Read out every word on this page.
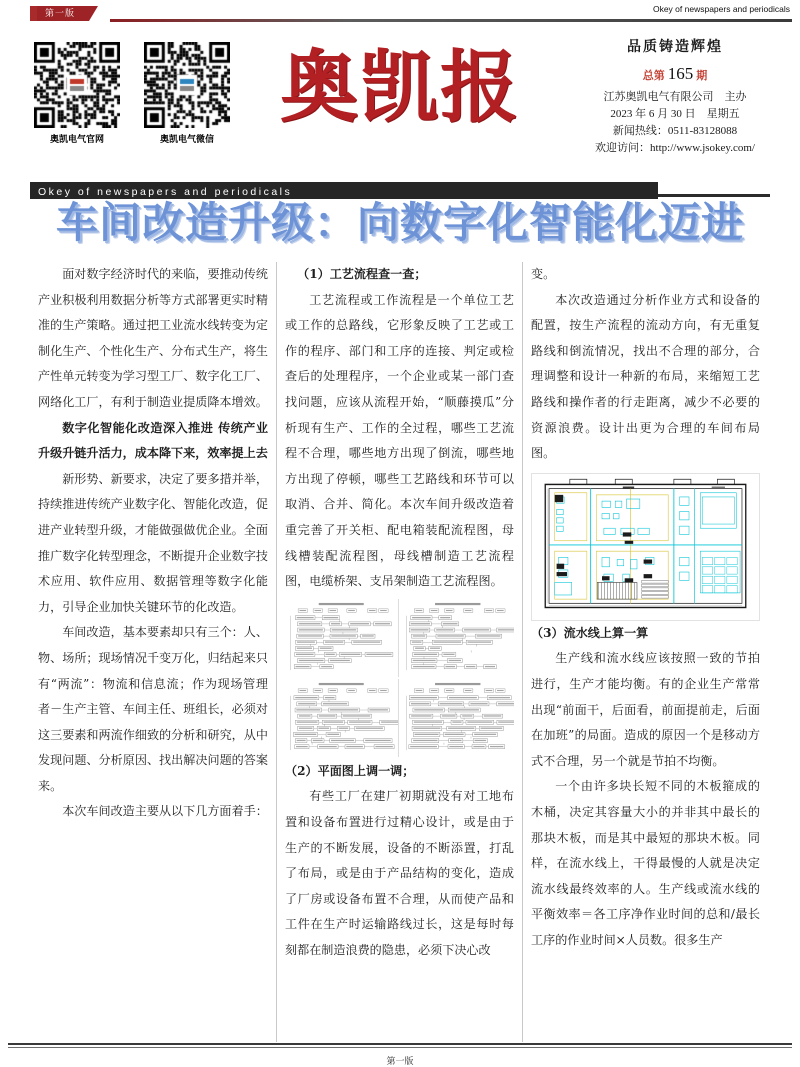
第一版	Okey of newspapers and periodicals
奥凯电气官网	奥凯电气微信
奥凯报	品质铸造辉煌
总第 165 期
江苏奥凯电气有限公司　主办
2023 年 6 月 30 日　星期五
新闻热线：0511-83128088
欢迎访问：http://www.jsokey.com/
Okey of newspapers and periodicals
车间改造升级：向数字化智能化迈进

面对数字经济时代的来临，要推动传统产业积极利用数据分析等方式部署更实时精准的生产策略。通过把工业流水线转变为定制化生产、个性化生产、分布式生产，将生产性单元转变为学习型工厂、数字化工厂、网络化工厂，有利于制造业提质降本增效。

数字化智能化改造深入推进 传统产业升级升链升活力，成本降下来，效率提上去

新形势、新要求，决定了要多措并举，持续推进传统产业数字化、智能化改造，促进产业转型升级，才能做强做优企业。全面推广数字化转型理念，不断提升企业数字技术应用、软件应用、数据管理等数字化能力，引导企业加快关键环节的化改造。

车间改造，基本要素却只有三个：人、物、场所；现场情况千变万化，归结起来只有“两流”：物流和信息流；作为现场管理者－生产主管、车间主任、班组长，必须对这三要素和两流作细致的分析和研究，从中发现问题、分析原因、找出解决问题的答案来。

本次车间改造主要从以下几方面着手：

（1）工艺流程查一查；

工艺流程或工作流程是一个单位工艺或工作的总路线，它形象反映了工艺或工作的程序、部门和工序的连接、判定或检查后的处理程序，一个企业或某一部门查找问题，应该从流程开始，“顺藤摸瓜”分析现有生产、工作的全过程，哪些工艺流程不合理，哪些地方出现了倒流，哪些地方出现了停顿，哪些工艺路线和环节可以取消、合并、简化。本次车间升级改造着重完善了开关柜、配电箱装配流程图，母线槽装配流程图，母线槽制造工艺流程图，电缆桥架、支吊架制造工艺流程图。

（2）平面图上调一调；

有些工厂在建厂初期就没有对工地布置和设备布置进行过精心设计，或是由于生产的不断发展，设备的不断添置，打乱了布局，或是由于产品结构的变化，造成了厂房或设备布置不合理，从而使产品和工件在生产时运输路线过长，这是每时每刻都在制造浪费的隐患，必须下决心改

变。

本次改造通过分析作业方式和设备的配置，按生产流程的流动方向，有无重复路线和倒流情况，找出不合理的部分，合理调整和设计一种新的布局，来缩短工艺路线和操作者的行走距离，减少不必要的资源浪费。设计出更为合理的车间布局图。

（3）流水线上算一算

生产线和流水线应该按照一致的节拍进行，生产才能均衡。有的企业生产常常出现“前面干，后面看，前面提前走，后面在加班”的局面。造成的原因一个是移动方式不合理，另一个就是节拍不均衡。

一个由许多块长短不同的木板箍成的木桶，决定其容量大小的并非其中最长的那块木板，而是其中最短的那块木板。同样，在流水线上，干得最慢的人就是决定流水线最终效率的人。生产线或流水线的平衡效率＝各工序净作业时间的总和/最长工序的作业时间×人员数。很多生产

第一版
